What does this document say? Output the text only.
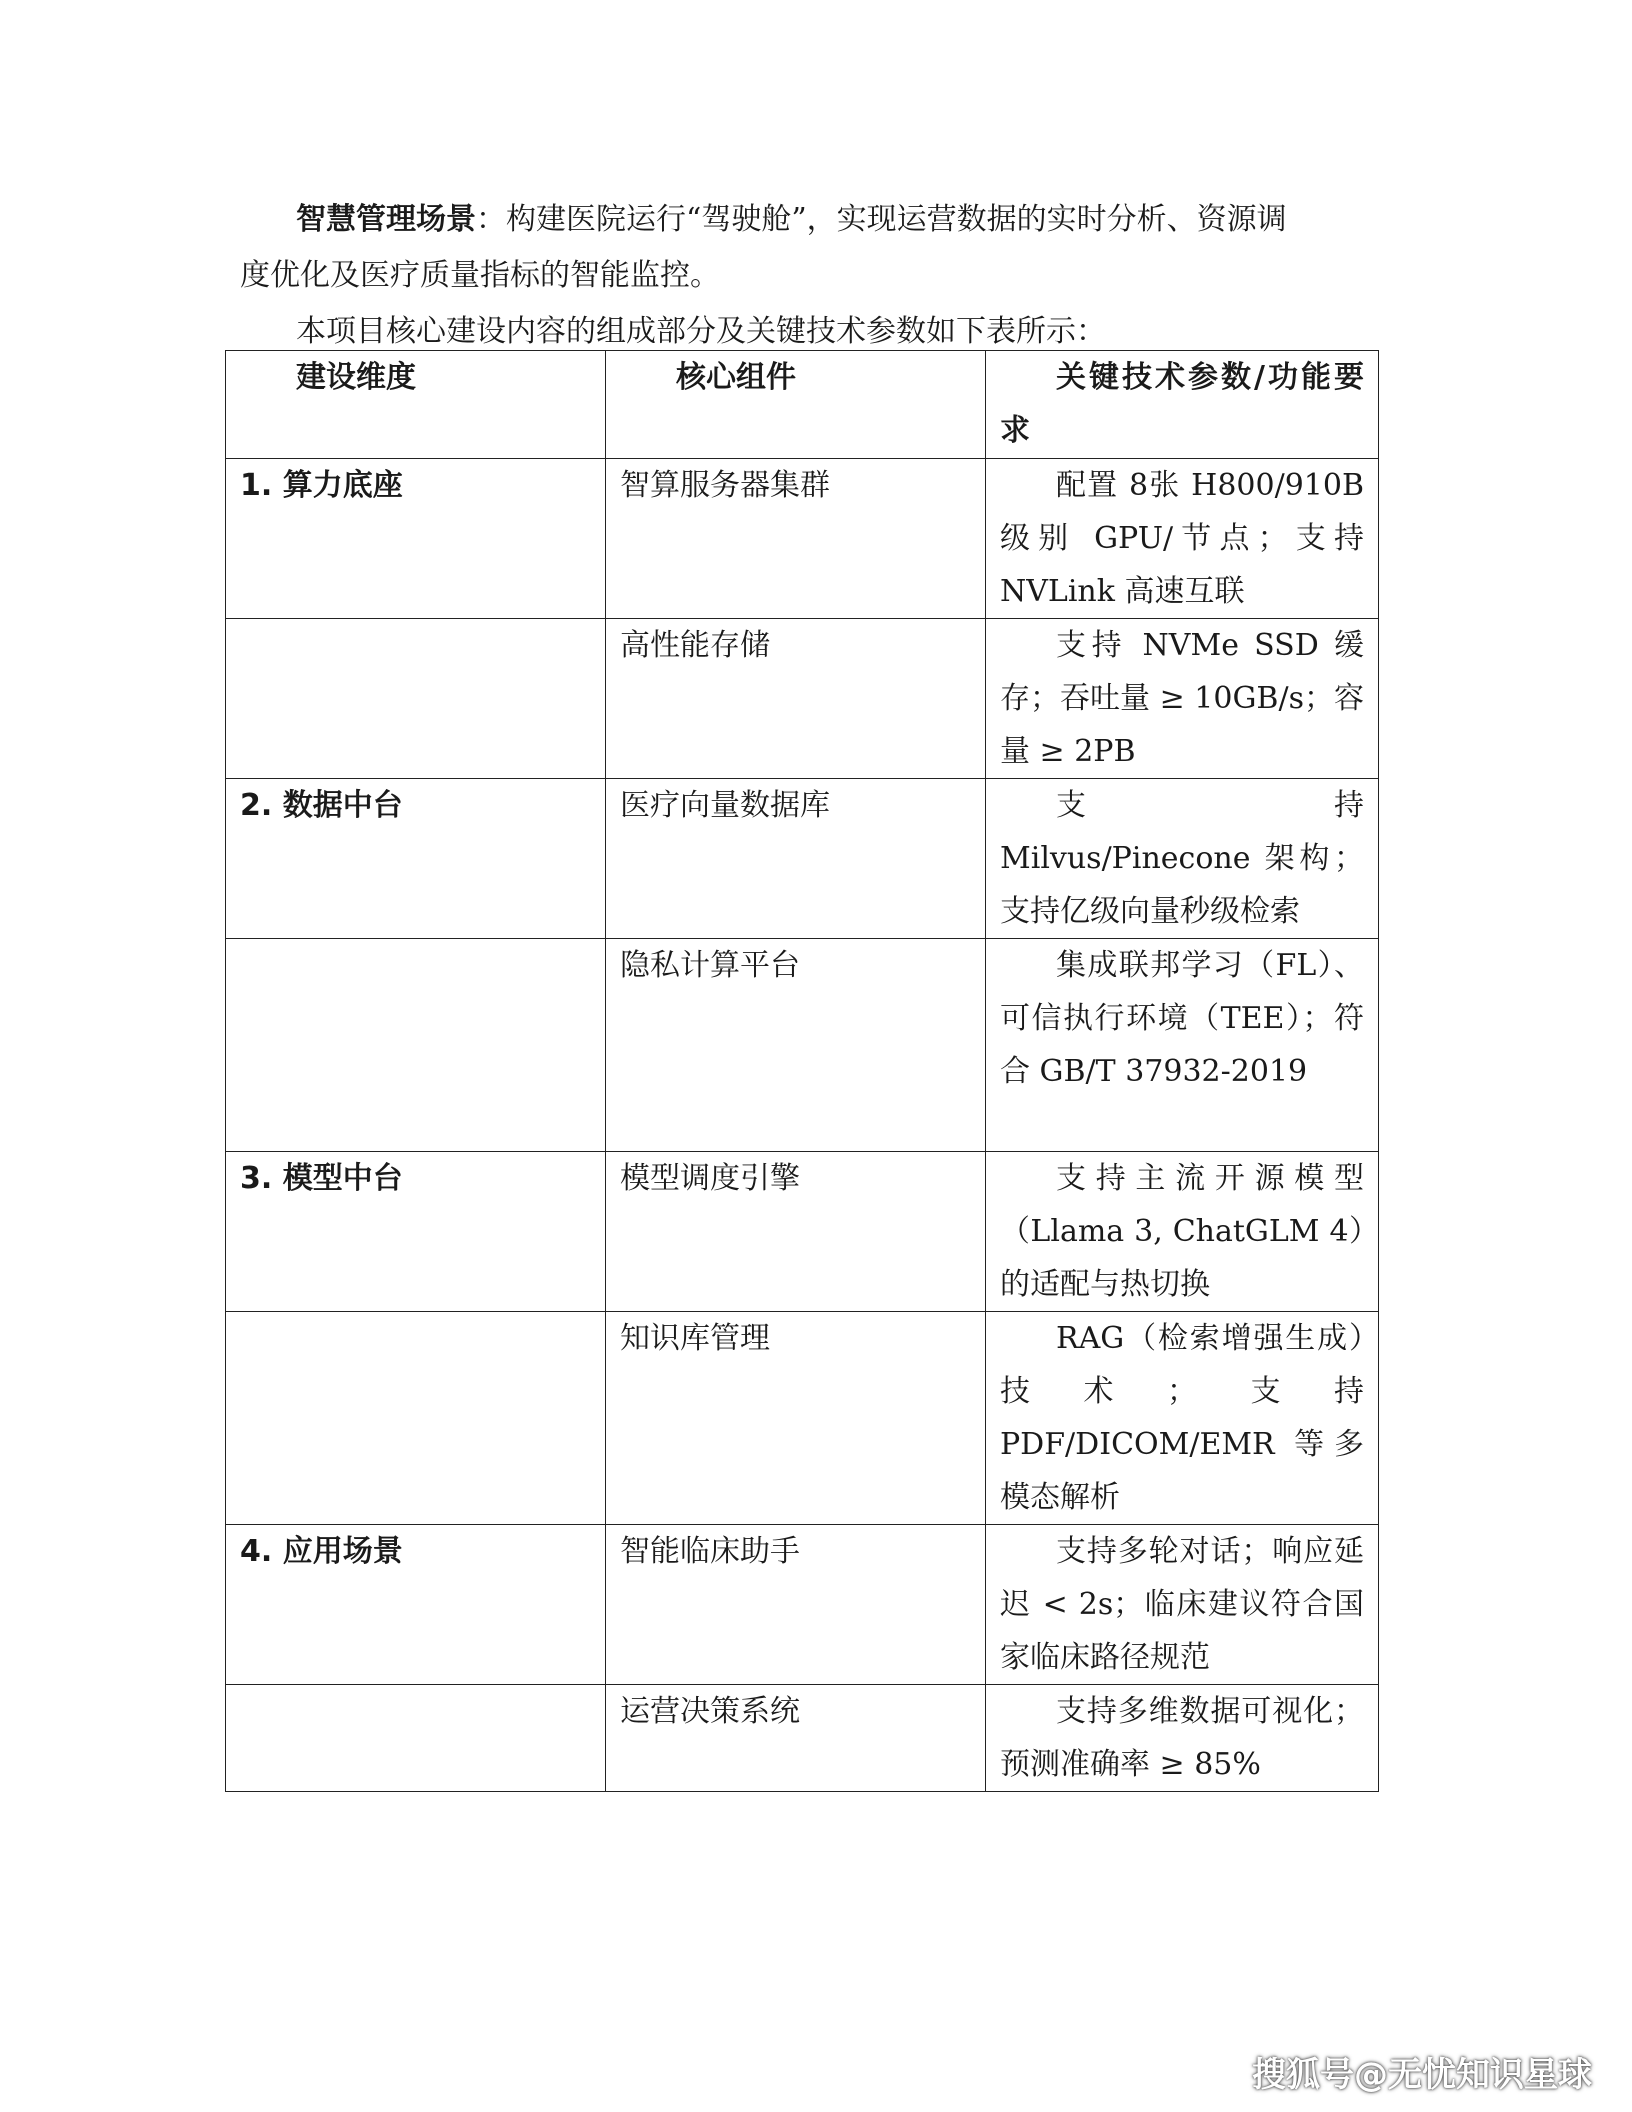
智慧管理场景：构建医院运行“驾驶舱”，实现运营数据的实时分析、资源调
度优化及医疗质量指标的智能监控。

本项目核心建设内容的组成部分及关键技术参数如下表所示：

建设维度	核心组件	关键技术参数/功能要求

1. 算力底座	智算服务器集群	配置 8张 H800/910B 级别 GPU/节点；支持 NVLink 高速互联

	高性能存储	支持 NVMe SSD 缓存；吞吐量 ≥ 10GB/s；容量 ≥ 2PB

2. 数据中台	医疗向量数据库	支持 Milvus/Pinecone 架构；支持亿级向量秒级检索

	隐私计算平台	集成联邦学习（FL）、可信执行环境（TEE）；符合 GB/T 37932-2019

3. 模型中台	模型调度引擎	支持主流开源模型（Llama 3, ChatGLM 4）的适配与热切换

	知识库管理	RAG（检索增强生成）技术；支持 PDF/DICOM/EMR 等多模态解析

4. 应用场景	智能临床助手	支持多轮对话；响应延迟 < 2s；临床建议符合国家临床路径规范

	运营决策系统	支持多维数据可视化；预测准确率 ≥ 85%
搜狐号@无忧知识星球
